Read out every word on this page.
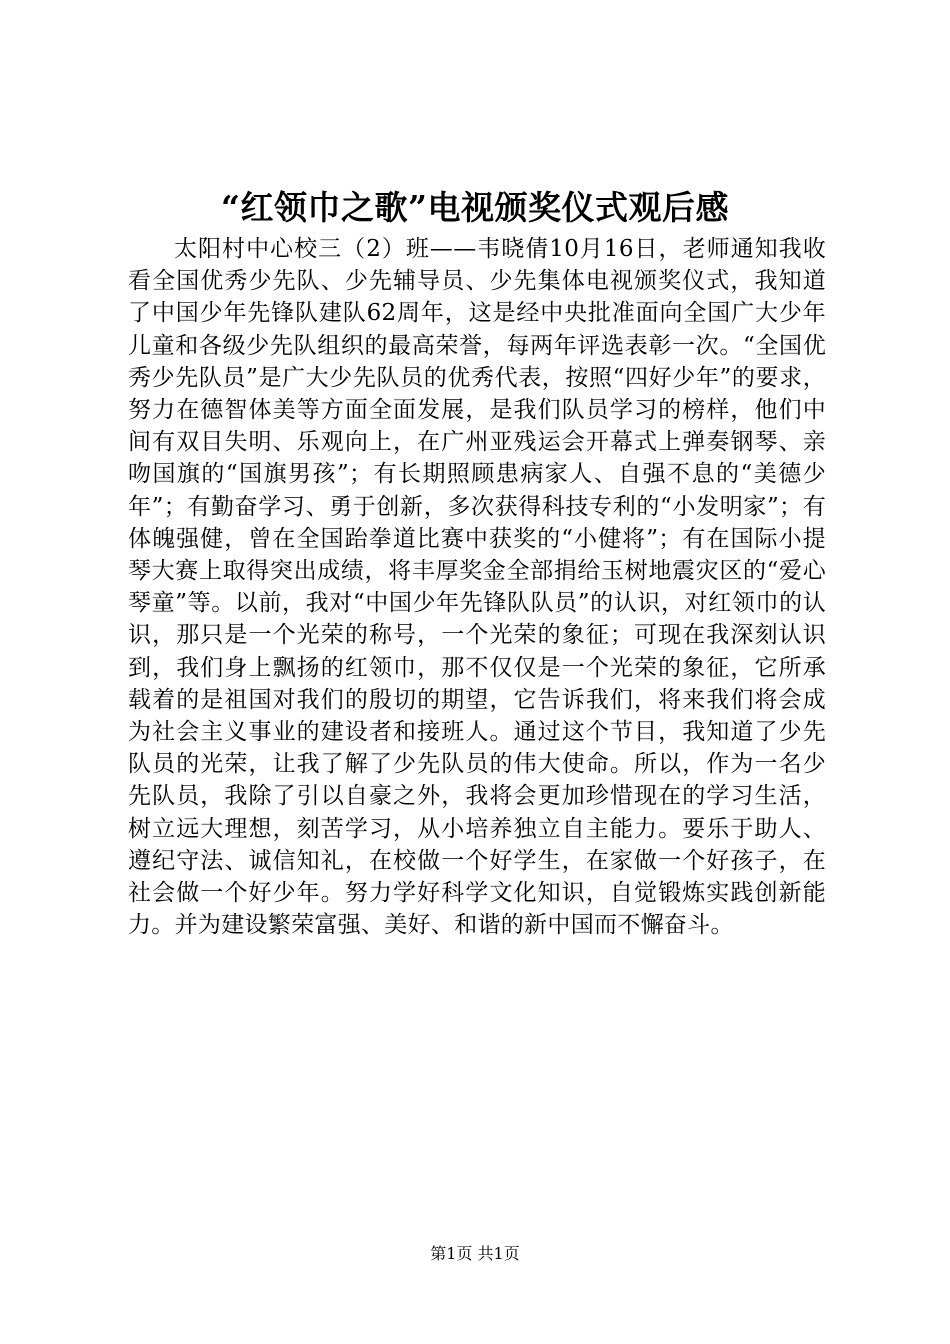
“红领巾之歌”电视颁奖仪式观后感

太阳村中心校三（2）班——韦晓倩10月16日，老师通知我收看全国优秀少先队、少先辅导员、少先集体电视颁奖仪式，我知道了中国少年先锋队建队62周年，这是经中央批准面向全国广大少年儿童和各级少先队组织的最高荣誉，每两年评选表彰一次。“全国优秀少先队员”是广大少先队员的优秀代表，按照“四好少年”的要求，努力在德智体美等方面全面发展，是我们队员学习的榜样，他们中间有双目失明、乐观向上，在广州亚残运会开幕式上弹奏钢琴、亲吻国旗的“国旗男孩”；有长期照顾患病家人、自强不息的“美德少年”；有勤奋学习、勇于创新，多次获得科技专利的“小发明家”；有体魄强健，曾在全国跆拳道比赛中获奖的“小健将”；有在国际小提琴大赛上取得突出成绩，将丰厚奖金全部捐给玉树地震灾区的“爱心琴童”等。以前，我对“中国少年先锋队队员”的认识，对红领巾的认识，那只是一个光荣的称号，一个光荣的象征；可现在我深刻认识到，我们身上飘扬的红领巾，那不仅仅是一个光荣的象征，它所承载着的是祖国对我们的殷切的期望，它告诉我们，将来我们将会成为社会主义事业的建设者和接班人。通过这个节目，我知道了少先队员的光荣，让我了解了少先队员的伟大使命。所以，作为一名少先队员，我除了引以自豪之外，我将会更加珍惜现在的学习生活，树立远大理想，刻苦学习，从小培养独立自主能力。要乐于助人、遵纪守法、诚信知礼，在校做一个好学生，在家做一个好孩子，在社会做一个好少年。努力学好科学文化知识，自觉锻炼实践创新能力。并为建设繁荣富强、美好、和谐的新中国而不懈奋斗。

第1页 共1页
